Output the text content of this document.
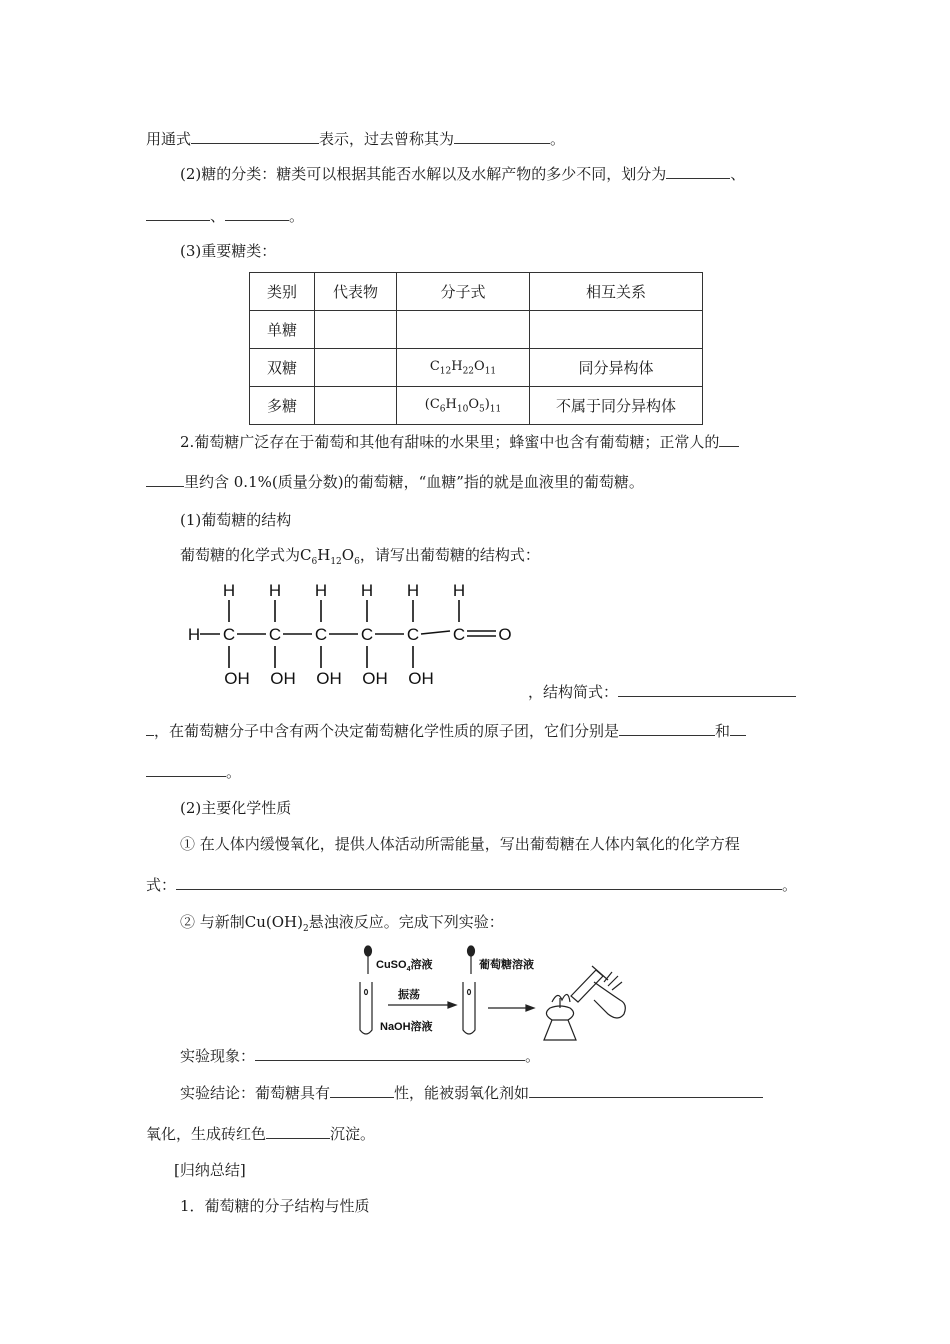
用通式	表示，过去曾称其为	。
(2)糖的分类：糖类可以根据其能否水解以及水解产物的多少不同，划分为	、
、	。
(3)重要糖类：
类别	代表物	分子式	相互关系
单糖			
双糖		$C_{12}H_{22}O_{11}$	同分异构体
多糖		$(C_6H_{10}O_5)_{11}$	不属于同分异构体
2.葡萄糖广泛存在于葡萄和其他有甜味的水果里；蜂蜜中也含有葡萄糖；正常人的
里约含 0.1%(质量分数)的葡萄糖，“血糖”指的就是血液里的葡萄糖。
(1)葡萄糖的结构
葡萄糖的化学式为$C_6H_{12}O_6$，请写出葡萄糖的结构式：
H H H H H H
H C C C C C C O
OH OH OH OH OH
，结构简式：
，在葡萄糖分子中含有两个决定葡萄糖化学性质的原子团，它们分别是	和
。
(2)主要化学性质
① 在人体内缓慢氧化，提供人体活动所需能量，写出葡萄糖在人体内氧化的化学方程
式：	。
② 与新制$Cu(OH)_2$悬浊液反应。完成下列实验：
CuSO$_4$溶液
振荡
NaOH溶液
葡萄糖溶液
实验现象：	。
实验结论：葡萄糖具有	性，能被弱氧化剂如
氧化，生成砖红色	沉淀。
[归纳总结]
1．葡萄糖的分子结构与性质
